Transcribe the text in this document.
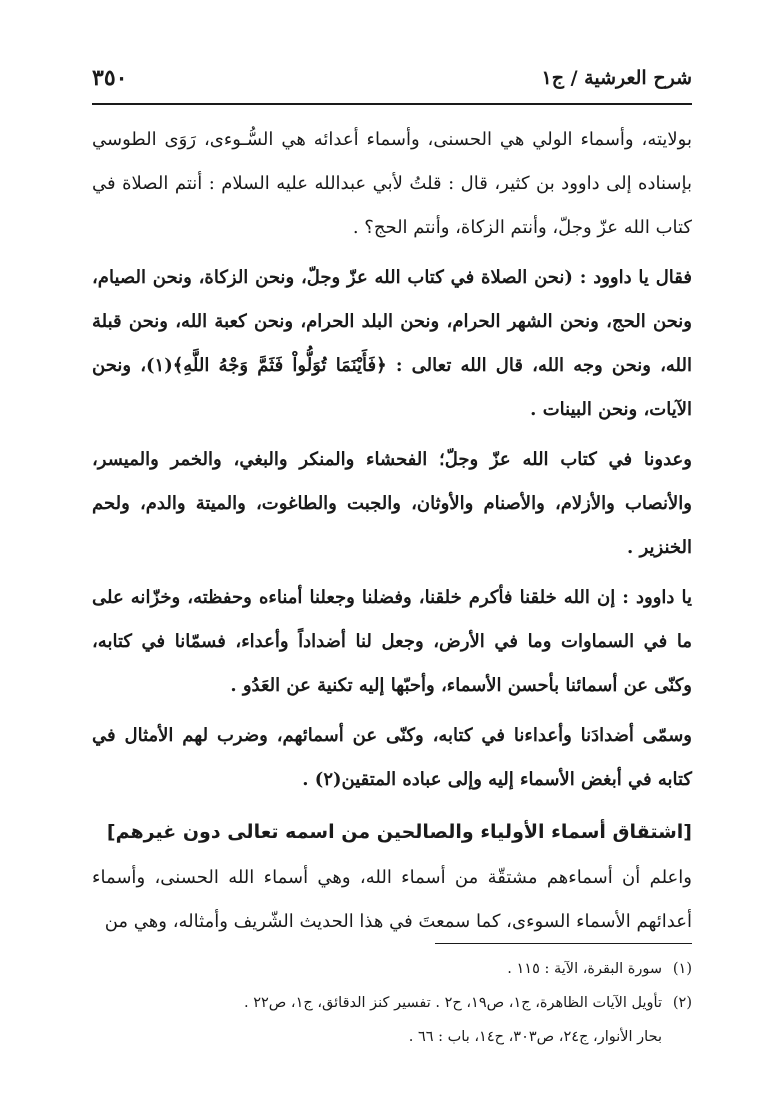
شرح العرشية / ج١
٣٥٠

بولايته، وأسماء الولي هي الحسنى، وأسماء أعدائه هي السُّـوءى، رَوَى الطوسي بإسناده إلى داوود بن كثير، قال : قلتُ لأبي عبدالله عليه السلام : أنتم الصلاة في كتاب الله عزّ وجلّ، وأنتم الزكاة، وأنتم الحج؟ .

فقال يا داوود : (نحن الصلاة في كتاب الله عزّ وجلّ، ونحن الزكاة، ونحن الصيام، ونحن الحج، ونحن الشهر الحرام، ونحن البلد الحرام، ونحن كعبة الله، ونحن قبلة الله، ونحن وجه الله، قال الله تعالى : ﴿فَأَيْنَمَا تُوَلُّواْ فَثَمَّ وَجْهُ اللَّهِ﴾(١)، ونحن الآيات، ونحن البينات .

وعدونا في كتاب الله عزّ وجلّ؛ الفحشاء والمنكر والبغي، والخمر والميسر، والأنصاب والأزلام، والأصنام والأوثان، والجبت والطاغوت، والميتة والدم، ولحم الخنزير .

يا داوود : إن الله خلقنا فأكرم خلقنا، وفضلنا وجعلنا أمناءه وحفظته، وخزّانه على ما في السماوات وما في الأرض، وجعل لنا أضداداً وأعداء، فسمّانا في كتابه، وكنّى عن أسمائنا بأحسن الأسماء، وأحبّها إليه تكنية عن العَدُو .

وسمّى أضدادَنا وأعداءنا في كتابه، وكنّى عن أسمائهم، وضرب لهم الأمثال في كتابه في أبغض الأسماء إليه وإلى عباده المتقين(٢) .

[اشتقاق أسماء الأولياء والصالحين من اسمه تعالى دون غيرهم]

واعلم أن أسماءهم مشتقّة من أسماء الله، وهي أسماء الله الحسنى، وأسماء أعدائهم الأسماء السوءى، كما سمعتَ في هذا الحديث الشّريف وأمثاله، وهي من

(١)
سورة البقرة، الآية : ١١٥ .
(٢)
تأويل الآيات الظاهرة، ج١، ص١٩، ح٢ . تفسير كنز الدقائق، ج١، ص٢٢ .
بحار الأنوار، ج٢٤، ص٣٠٣، ح١٤، باب : ٦٦ .
